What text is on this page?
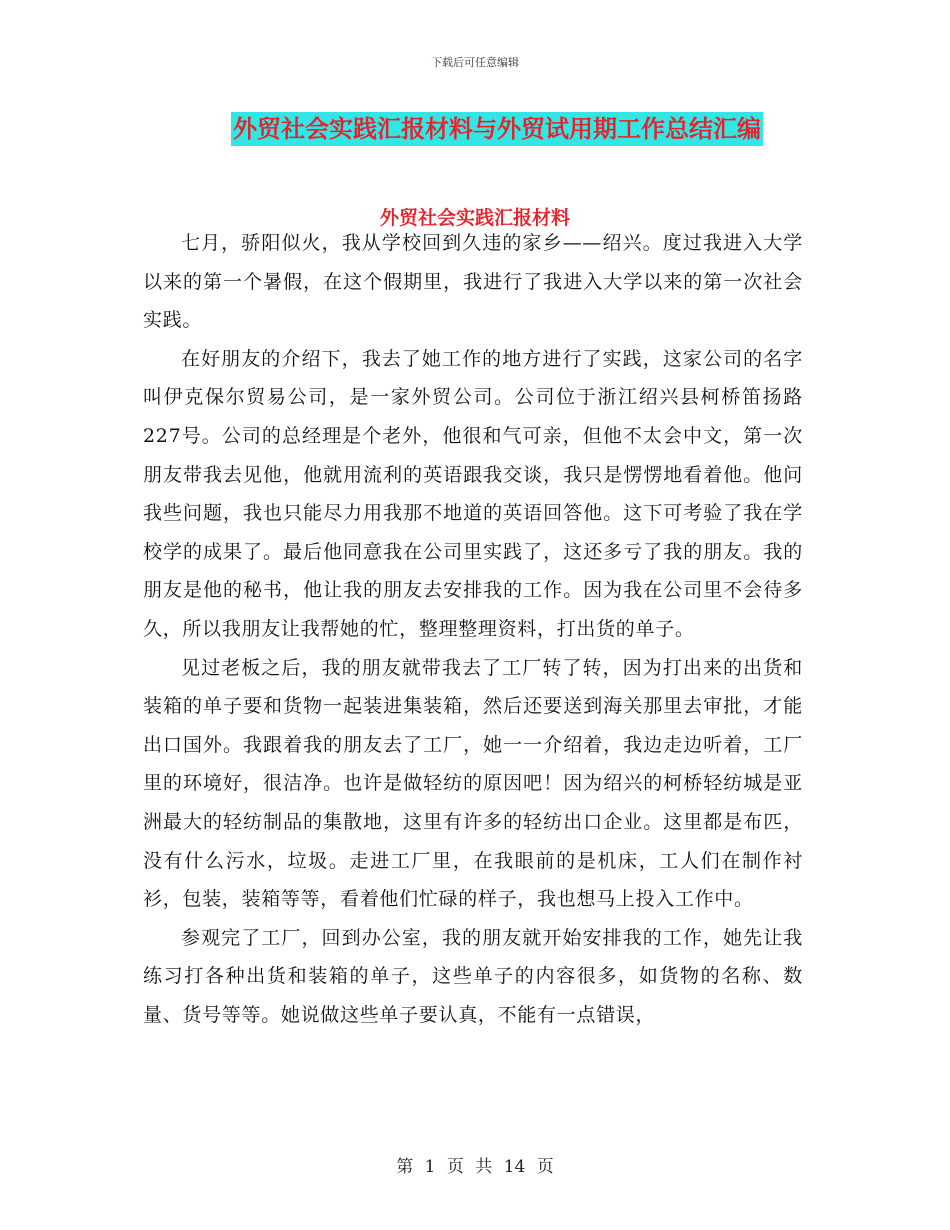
下载后可任意编辑
外贸社会实践汇报材料与外贸试用期工作总结汇编
外贸社会实践汇报材料

七月，骄阳似火，我从学校回到久违的家乡——绍兴。度过我进入大学以来的第一个暑假，在这个假期里，我进行了我进入大学以来的第一次社会实践。

在好朋友的介绍下，我去了她工作的地方进行了实践，这家公司的名字叫伊克保尔贸易公司，是一家外贸公司。公司位于浙江绍兴县柯桥笛扬路227号。公司的总经理是个老外，他很和气可亲，但他不太会中文，第一次朋友带我去见他，他就用流利的英语跟我交谈，我只是愣愣地看着他。他问我些问题，我也只能尽力用我那不地道的英语回答他。这下可考验了我在学校学的成果了。最后他同意我在公司里实践了，这还多亏了我的朋友。我的朋友是他的秘书，他让我的朋友去安排我的工作。因为我在公司里不会待多久，所以我朋友让我帮她的忙，整理整理资料，打出货的单子。

见过老板之后，我的朋友就带我去了工厂转了转，因为打出来的出货和装箱的单子要和货物一起装进集装箱，然后还要送到海关那里去审批，才能出口国外。我跟着我的朋友去了工厂，她一一介绍着，我边走边听着，工厂里的环境好，很洁净。也许是做轻纺的原因吧！因为绍兴的柯桥轻纺城是亚洲最大的轻纺制品的集散地，这里有许多的轻纺出口企业。这里都是布匹，没有什么污水，垃圾。走进工厂里，在我眼前的是机床，工人们在制作衬衫，包装，装箱等等，看着他们忙碌的样子，我也想马上投入工作中。

参观完了工厂，回到办公室，我的朋友就开始安排我的工作，她先让我练习打各种出货和装箱的单子，这些单子的内容很多，如货物的名称、数量、货号等等。她说做这些单子要认真，不能有一点错误，

第 1 页 共 14 页
